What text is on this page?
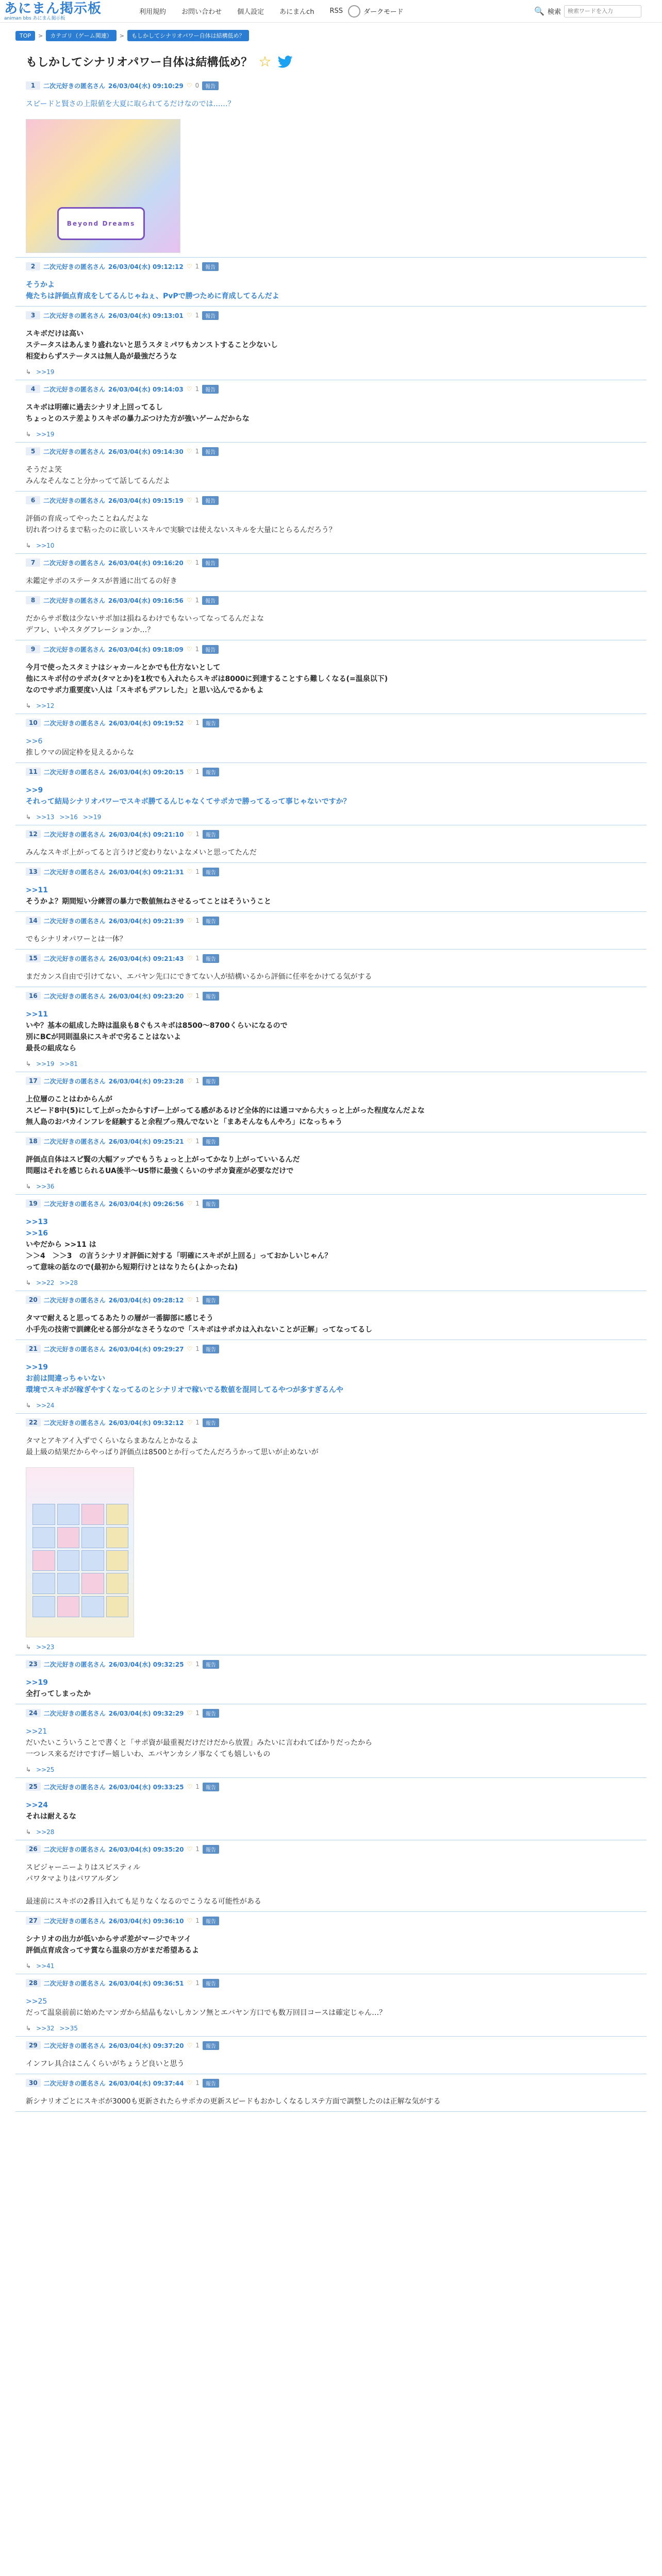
あにまん掲示板
animan bbs あにまん掲示板
利用規約 お問い合わせ 個人設定 あにまんch RSS	ダークモード	🔍 検索
検索ワードを入力
TOP	>	カテゴリ（ゲーム関連）	>	もしかしてシナリオパワー自体は結構低め？
もしかしてシナリオパワー自体は結構低め？ ☆
1	二次元好きの匿名さん 26/03/04(水) 09:10:29 ♡ 0	報告
スピードと賢さの上限値を大夏に取られてるだけなのでは……？
Beyond Dreams
2	二次元好きの匿名さん 26/03/04(水) 09:12:12 ♡ 1	報告
そうかよ
俺たちは評価点育成をしてるんじゃねぇ、PvPで勝つために育成してるんだよ
3	二次元好きの匿名さん 26/03/04(水) 09:13:01 ♡ 1	報告
スキボだけは高い
ステータスはあんまり盛れないと思うスタミパワもカンストすること少ないし
相変わらずステータスは無人島が最強だろうな
↳ >>19
4	二次元好きの匿名さん 26/03/04(水) 09:14:03 ♡ 1	報告
スキボは明確に過去シナリオ上回ってるし
ちょっとのステ差よりスキボの暴力ぶつけた方が強いゲームだからな
↳ >>19
5	二次元好きの匿名さん 26/03/04(水) 09:14:30 ♡ 1	報告
そうだよ笑
みんなそんなこと分かってて話してるんだよ
6	二次元好きの匿名さん 26/03/04(水) 09:15:19 ♡ 1	報告
評価の育成ってやったことねんだよな
切れ者つけるまで粘ったのに欲しいスキルで実験では使えないスキルを大量にとらるんだろう？
↳ >>10
7	二次元好きの匿名さん 26/03/04(水) 09:16:20 ♡ 1	報告
未鑑定サポのステータスが普通に出てるの好き
8	二次元好きの匿名さん 26/03/04(水) 09:16:56 ♡ 1	報告
だからサポ数は少ないサポ加は損ねるわけでもないってなってるんだよな
デフレ、いやスタグフレーションか…？
9	二次元好きの匿名さん 26/03/04(水) 09:18:09 ♡ 1	報告
今月で使ったスタミナはシャカールとかでも仕方ないとして
他にスキボ付のサポカ(タマとか)を1枚でも入れたらスキボは8000に到達することすら難しくなる(=温泉以下)
なのでサポ力重要度い人は「スキボもデフレした」と思い込んでるかもよ
↳ >>12
10	二次元好きの匿名さん 26/03/04(水) 09:19:52 ♡ 1	報告
>>6
推しウマの固定枠を見えるからな
11	二次元好きの匿名さん 26/03/04(水) 09:20:15 ♡ 1	報告
>>9
それって結局シナリオパワーでスキボ勝てるんじゃなくてサポカで勝ってるって事じゃないですか？
↳ >>13 >>16 >>19
12	二次元好きの匿名さん 26/03/04(水) 09:21:10 ♡ 1	報告
みんなスキボ上がってると言うけど変わりないよなメいと思ってたんだ
13	二次元好きの匿名さん 26/03/04(水) 09:21:31 ♡ 1	報告
>>11
そうかよ？期間短い分練習の暴力で数値無ねさせるってことはそういうこと
14	二次元好きの匿名さん 26/03/04(水) 09:21:39 ♡ 1	報告
でもシナリオパワーとは一体？
15	二次元好きの匿名さん 26/03/04(水) 09:21:43 ♡ 1	報告
まだカンス自由で引けてない、エバヤン先口にできてない人が結構いるから評価に任率をかけてる気がする
16	二次元好きの匿名さん 26/03/04(水) 09:23:20 ♡ 1	報告
>>11
いや？基本の組成した時は温泉も8ぐもスキボは8500〜8700くらいになるので
別にBCが同則温泉にスキボで劣ることはないよ
最長の組成なら
↳ >>19 >>81
17	二次元好きの匿名さん 26/03/04(水) 09:23:28 ♡ 1	報告
上位層のことはわからんが
スピード8中(5)にして上がったからすげー上がってる感があるけど全体的には通コマから大ぅっと上がった程度なんだよな
無人島のおバカインフレを経験すると余程ブっ飛んでないと「まあそんなもんやろ」になっちゃう
18	二次元好きの匿名さん 26/03/04(水) 09:25:21 ♡ 1	報告
評価点自体はスピ賢の大幅アップでもうちょっと上がってかなり上がっていいるんだ
問題はそれを感じられるUA後半〜US帯に最強くらいのサポカ資産が必要なだけで
↳ >>36
19	二次元好きの匿名さん 26/03/04(水) 09:26:56 ♡ 1	報告
>>13
>>16
いやだから >>11 は
＞＞4　＞＞3　の言うシナリオ評価に対する「明確にスキボが上回る」っておかしいじゃん？
って意味の話なので(最初から短期行けとはなりたら(よかったね)
↳ >>22 >>28
20	二次元好きの匿名さん 26/03/04(水) 09:28:12 ♡ 1	報告
タマで耐えると思ってるあたりの層が一番脚部に感じそう
小手先の技術で訓練化せる部分がなさそうなので「スキボはサポカは入れないことが正解」ってなってるし
21	二次元好きの匿名さん 26/03/04(水) 09:29:27 ♡ 1	報告
>>19
お前は間違っちゃいない
環境でスキボが稼ぎやすくなってるのとシナリオで稼いでる数値を混同してるやつが多すぎるんや
↳ >>24
22	二次元好きの匿名さん 26/03/04(水) 09:32:12 ♡ 1	報告
タマとアキアイ入ずでくらいならまあなんとかなるよ
最上級の結果だからやっぱり評価点は8500とか行ってたんだろうかって思いが止めないが
↳ >>23
23	二次元好きの匿名さん 26/03/04(水) 09:32:25 ♡ 1	報告
>>19
全打ってしまったか
24	二次元好きの匿名さん 26/03/04(水) 09:32:29 ♡ 1	報告
>>21
だいたいこういうことで書くと「サポ資が最重視だけだけだから放置」みたいに言われてばかりだったから
一つレス来るだけですげー嬉しいわ、エバヤンカシノ事なくても嬉しいもの
↳ >>25
25	二次元好きの匿名さん 26/03/04(水) 09:33:25 ♡ 1	報告
>>24
それは耐えるな
↳ >>28
26	二次元好きの匿名さん 26/03/04(水) 09:35:20 ♡ 1	報告
スピジャーニーよりはスピスティル
パワタマよりはパワアルダン

最速前にスキボの2番目入れても足りなくなるのでこうなる可能性がある
27	二次元好きの匿名さん 26/03/04(水) 09:36:10 ♡ 1	報告
シナリオの出力が低いからサポ差がマージでキツイ
評価点育成含ってサ賞なら温泉の方がまだ希望あるよ
↳ >>41
28	二次元好きの匿名さん 26/03/04(水) 09:36:51 ♡ 1	報告
>>25
だって温泉前前に始めたマンガから結晶もないしカンソ無とエバヤン方口でも数万回目コースは確定じゃん…？
↳ >>32 >>35
29	二次元好きの匿名さん 26/03/04(水) 09:37:20 ♡ 1	報告
インフレ具合はこんくらいがちょうど良いと思う
30	二次元好きの匿名さん 26/03/04(水) 09:37:44 ♡ 1	報告
新シナリオごとにスキボが3000も更新されたらサポカの更新スピードもおかしくなるしステ方面で調整したのは正解な気がする
